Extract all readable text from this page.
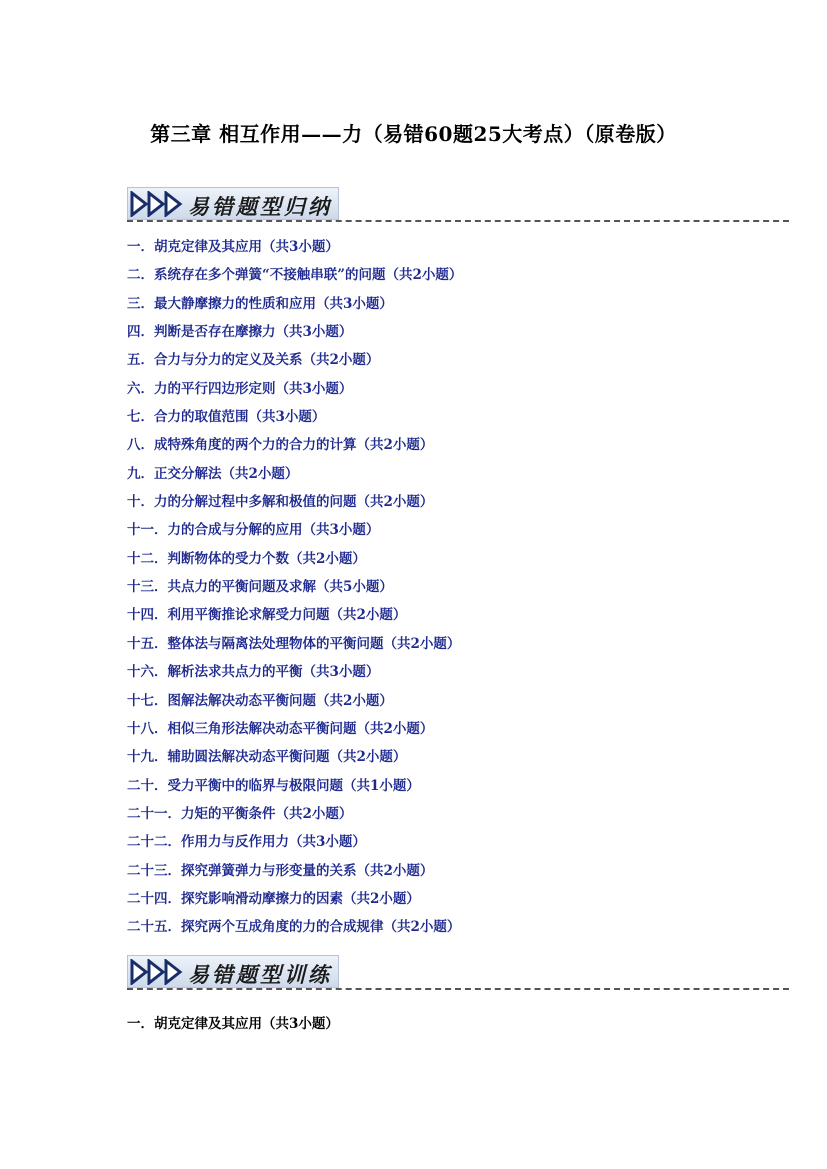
第三章 相互作用——力（易错60题25大考点）（原卷版）
易错题型归纳
一．胡克定律及其应用（共3小题）
二．系统存在多个弹簧“不接触串联”的问题（共2小题）
三．最大静摩擦力的性质和应用（共3小题）
四．判断是否存在摩擦力（共3小题）
五．合力与分力的定义及关系（共2小题）
六．力的平行四边形定则（共3小题）
七．合力的取值范围（共3小题）
八．成特殊角度的两个力的合力的计算（共2小题）
九．正交分解法（共2小题）
十．力的分解过程中多解和极值的问题（共2小题）
十一．力的合成与分解的应用（共3小题）
十二．判断物体的受力个数（共2小题）
十三．共点力的平衡问题及求解（共5小题）
十四．利用平衡推论求解受力问题（共2小题）
十五．整体法与隔离法处理物体的平衡问题（共2小题）
十六．解析法求共点力的平衡（共3小题）
十七．图解法解决动态平衡问题（共2小题）
十八．相似三角形法解决动态平衡问题（共2小题）
十九．辅助圆法解决动态平衡问题（共2小题）
二十．受力平衡中的临界与极限问题（共1小题）
二十一．力矩的平衡条件（共2小题）
二十二．作用力与反作用力（共3小题）
二十三．探究弹簧弹力与形变量的关系（共2小题）
二十四．探究影响滑动摩擦力的因素（共2小题）
二十五．探究两个互成角度的力的合成规律（共2小题）
易错题型训练
一．胡克定律及其应用（共3小题）
